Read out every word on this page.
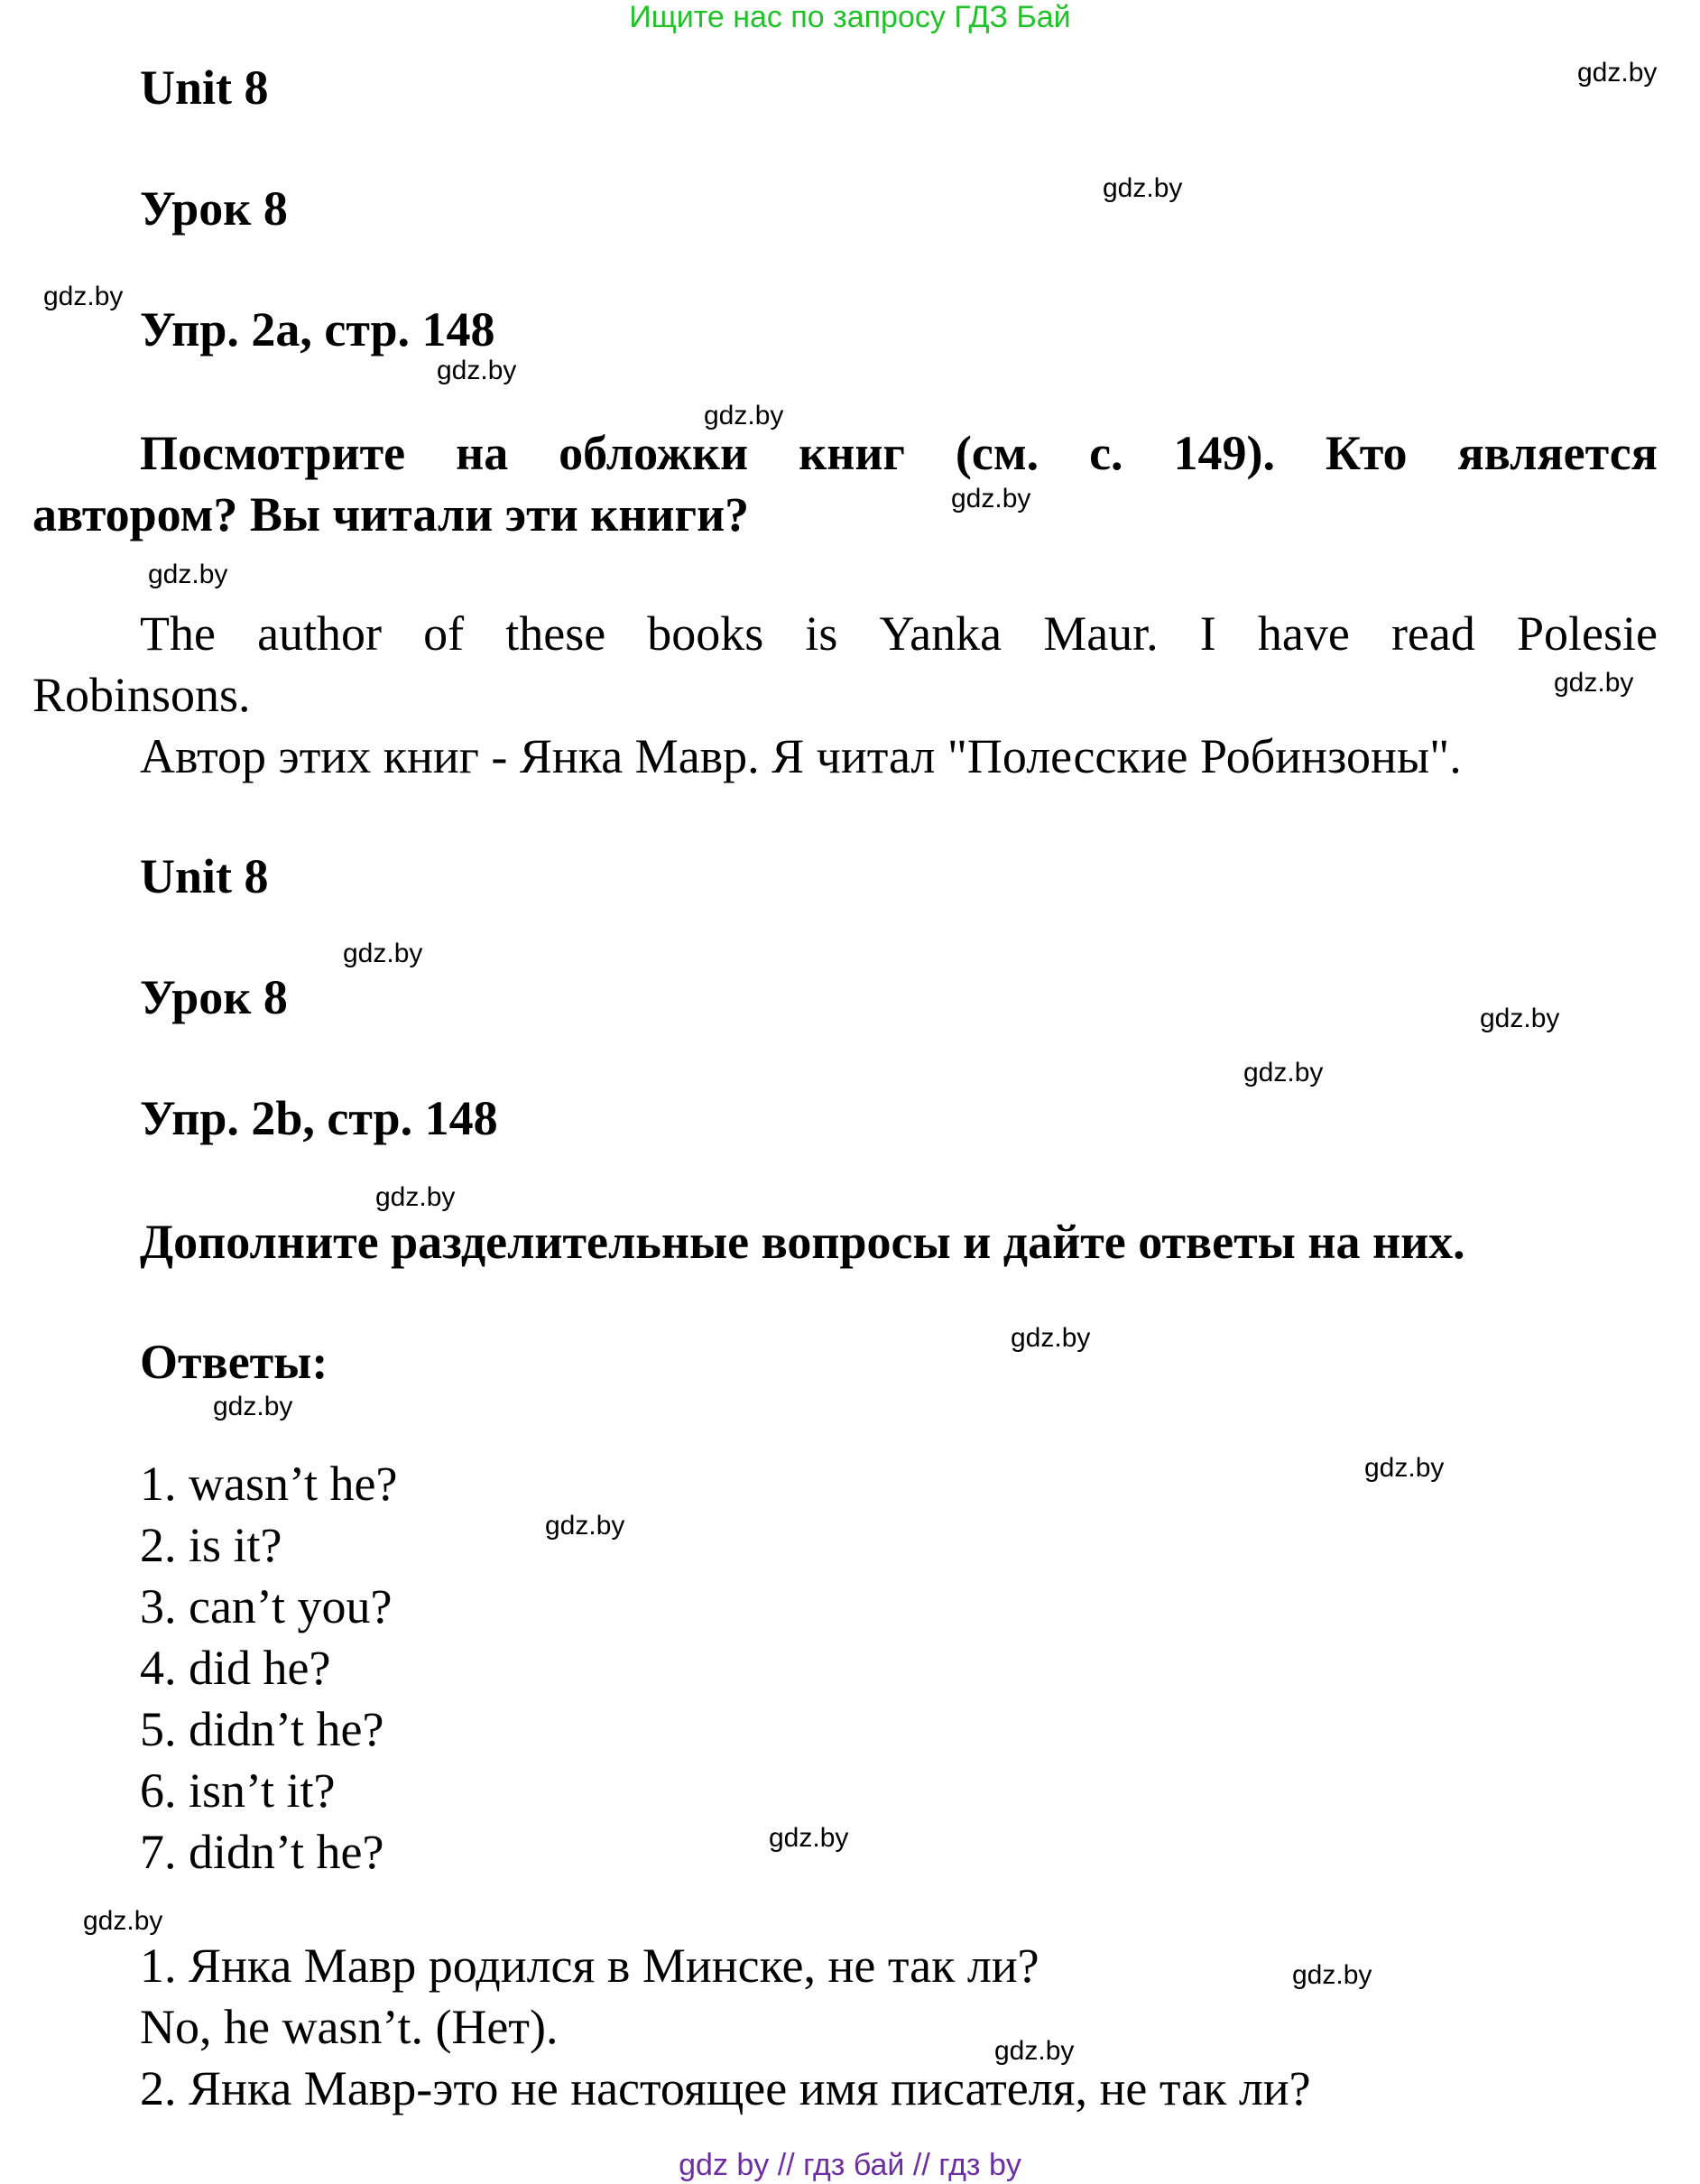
Ищите нас по запросу ГДЗ Бай
Unit 8
Урок 8
Упр. 2а, стр. 148
Посмотрите на обложки книг (см. с. 149). Кто является
автором? Вы читали эти книги?
The author of these books is Yanka Maur. I have read Polesie
Robinsons.
Автор этих книг - Янка Мавр. Я читал "Полесские Робинзоны".
Unit 8
Урок 8
Упр. 2b, стр. 148
Дополните разделительные вопросы и дайте ответы на них.
Ответы:
1. wasn’t he?
2. is it?
3. can’t you?
4. did he?
5. didn’t he?
6. isn’t it?
7. didn’t he?
1. Янка Мавр родился в Минске, не так ли?
No, he wasn’t. (Нет).
2. Янка Мавр-это не настоящее имя писателя, не так ли?
gdz.by
gdz.by
gdz.by
gdz.by
gdz.by
gdz.by
gdz.by
gdz.by
gdz.by
gdz.by
gdz.by
gdz.by
gdz.by
gdz.by
gdz.by
gdz.by
gdz.by
gdz.by
gdz.by
gdz.by
gdz by // гдз бай // гдз by
